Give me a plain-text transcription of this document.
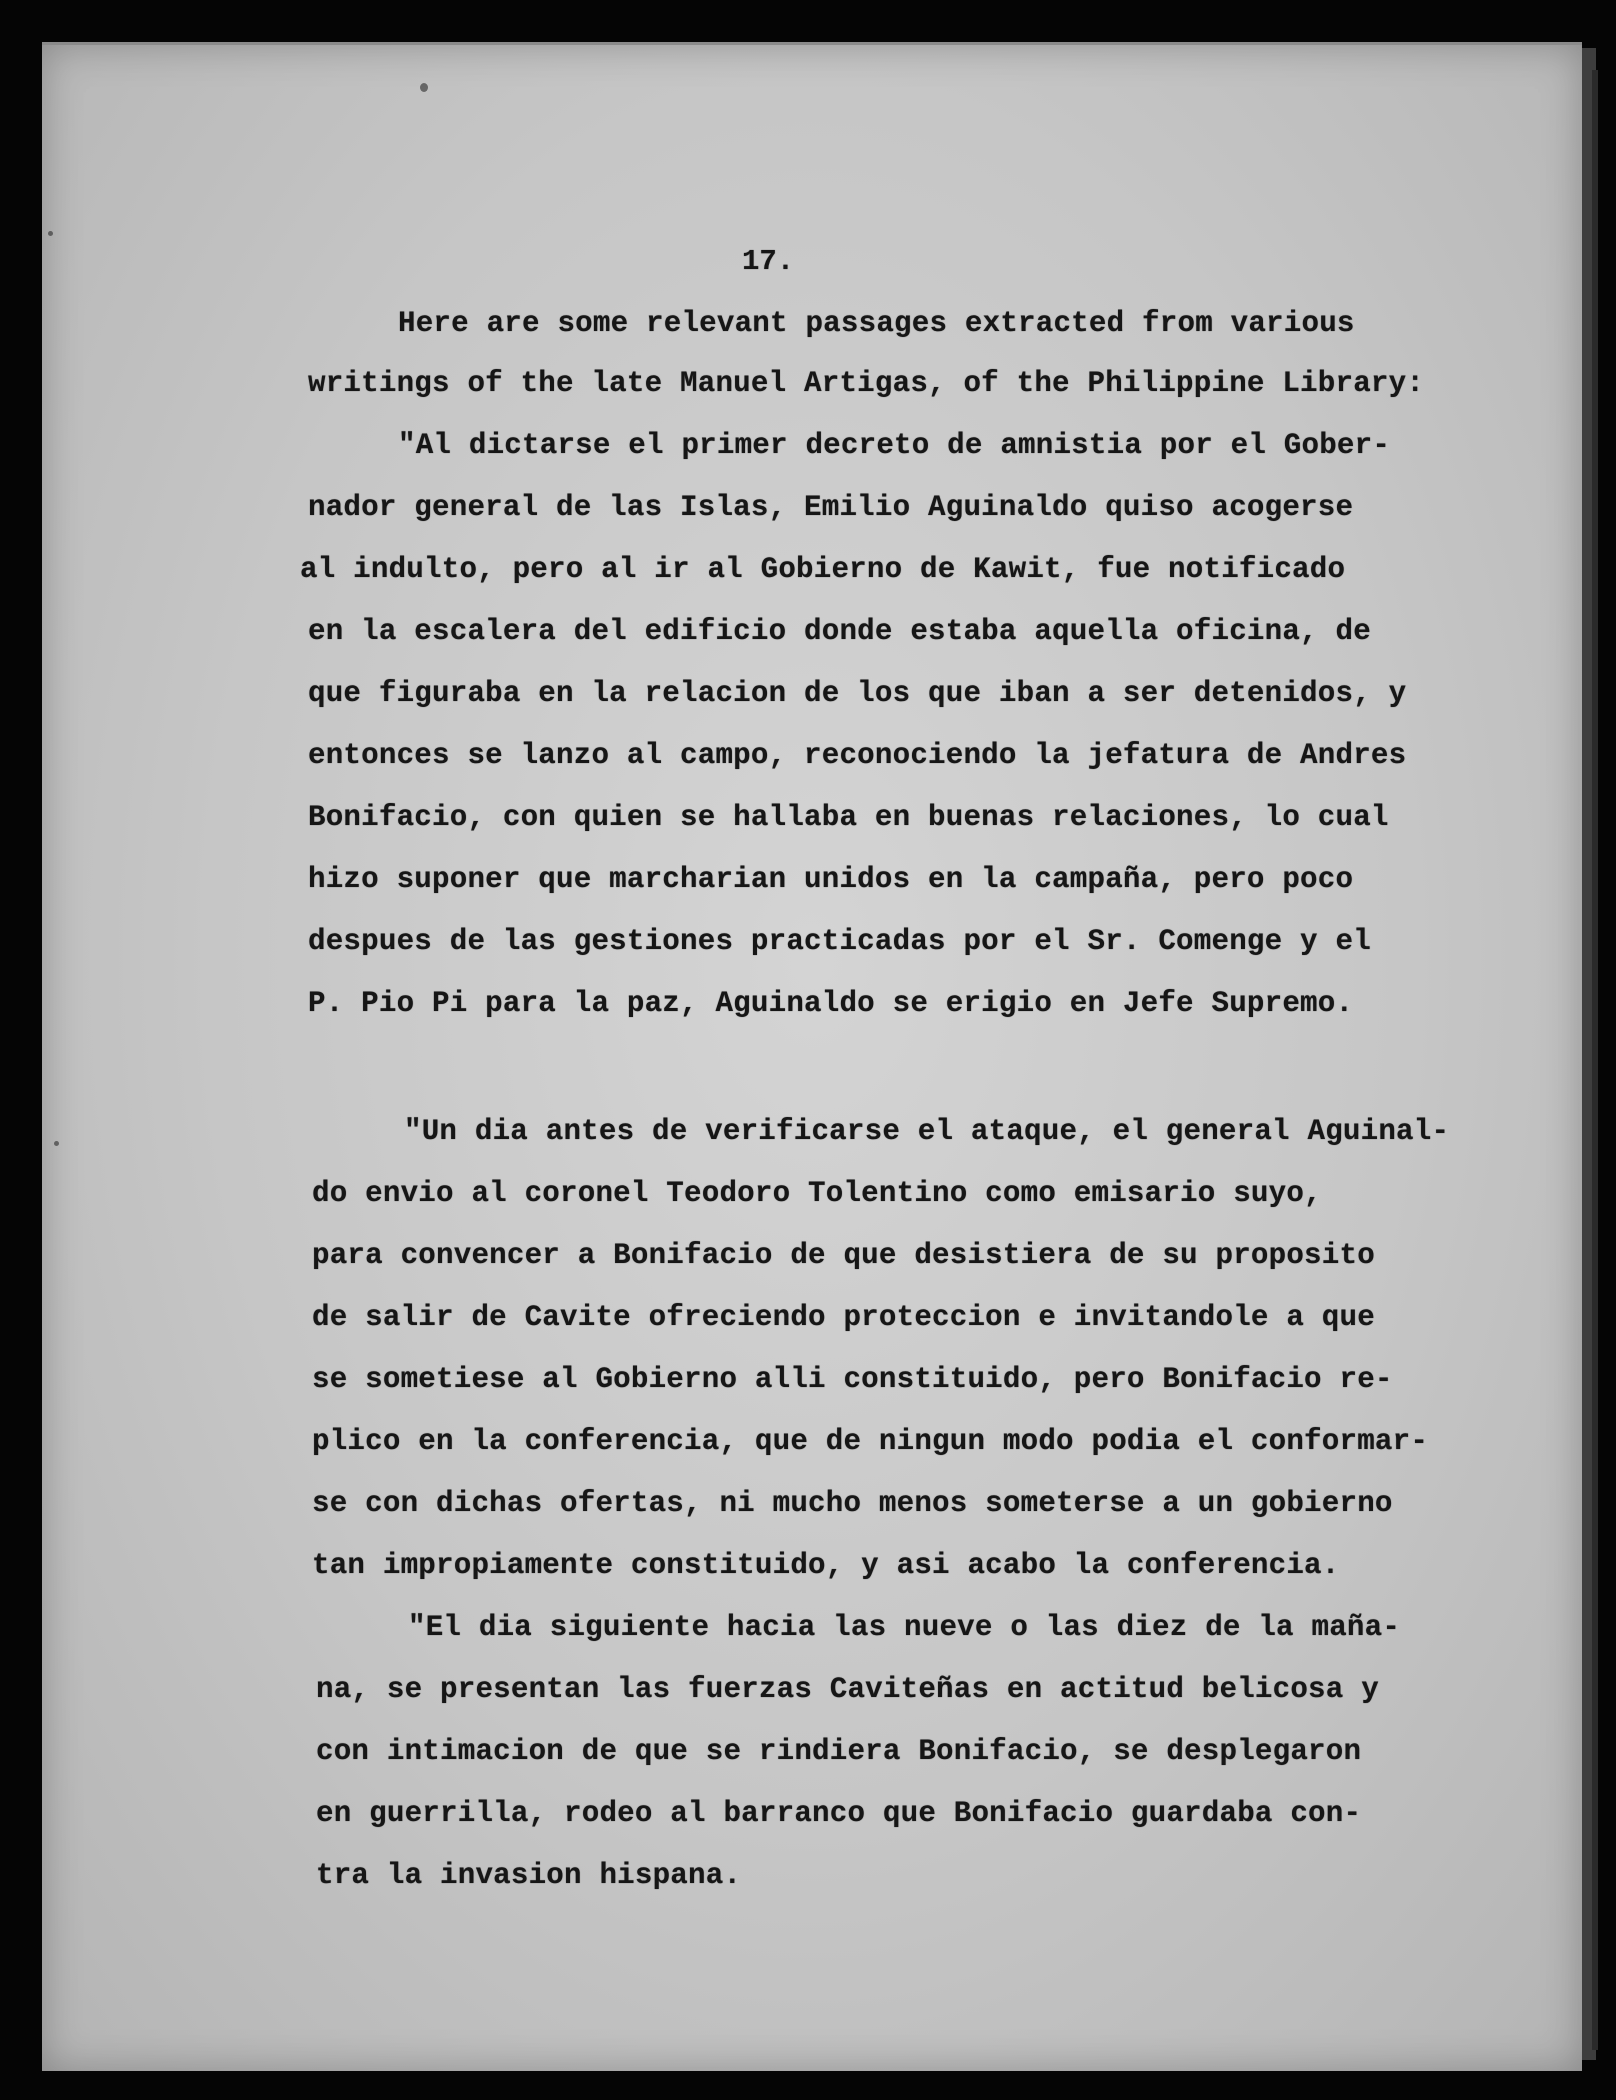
17.

Here are some relevant passages extracted from various

writings of the late Manuel Artigas, of the Philippine Library:

"Al dictarse el primer decreto de amnistia por el Gober-

nador general de las Islas, Emilio Aguinaldo quiso acogerse

al indulto, pero al ir al Gobierno de Kawit, fue notificado

en la escalera del edificio donde estaba aquella oficina, de

que figuraba en la relacion de los que iban a ser detenidos, y

entonces se lanzo al campo, reconociendo la jefatura de Andres

Bonifacio, con quien se hallaba en buenas relaciones, lo cual

hizo suponer que marcharian unidos en la campaña, pero poco

despues de las gestiones practicadas por el Sr. Comenge y el

P. Pio Pi para la paz, Aguinaldo se erigio en Jefe Supremo.

"Un dia antes de verificarse el ataque, el general Aguinal-

do envio al coronel Teodoro Tolentino como emisario suyo,

para convencer a Bonifacio de que desistiera de su proposito

de salir de Cavite ofreciendo proteccion e invitandole a que

se sometiese al Gobierno alli constituido, pero Bonifacio re-

plico en la conferencia, que de ningun modo podia el conformar-

se con dichas ofertas, ni mucho menos someterse a un gobierno

tan impropiamente constituido, y asi acabo la conferencia.

"El dia siguiente hacia las nueve o las diez de la maña-

na, se presentan las fuerzas Caviteñas en actitud belicosa y

con intimacion de que se rindiera Bonifacio, se desplegaron

en guerrilla, rodeo al barranco que Bonifacio guardaba con-

tra la invasion hispana.
